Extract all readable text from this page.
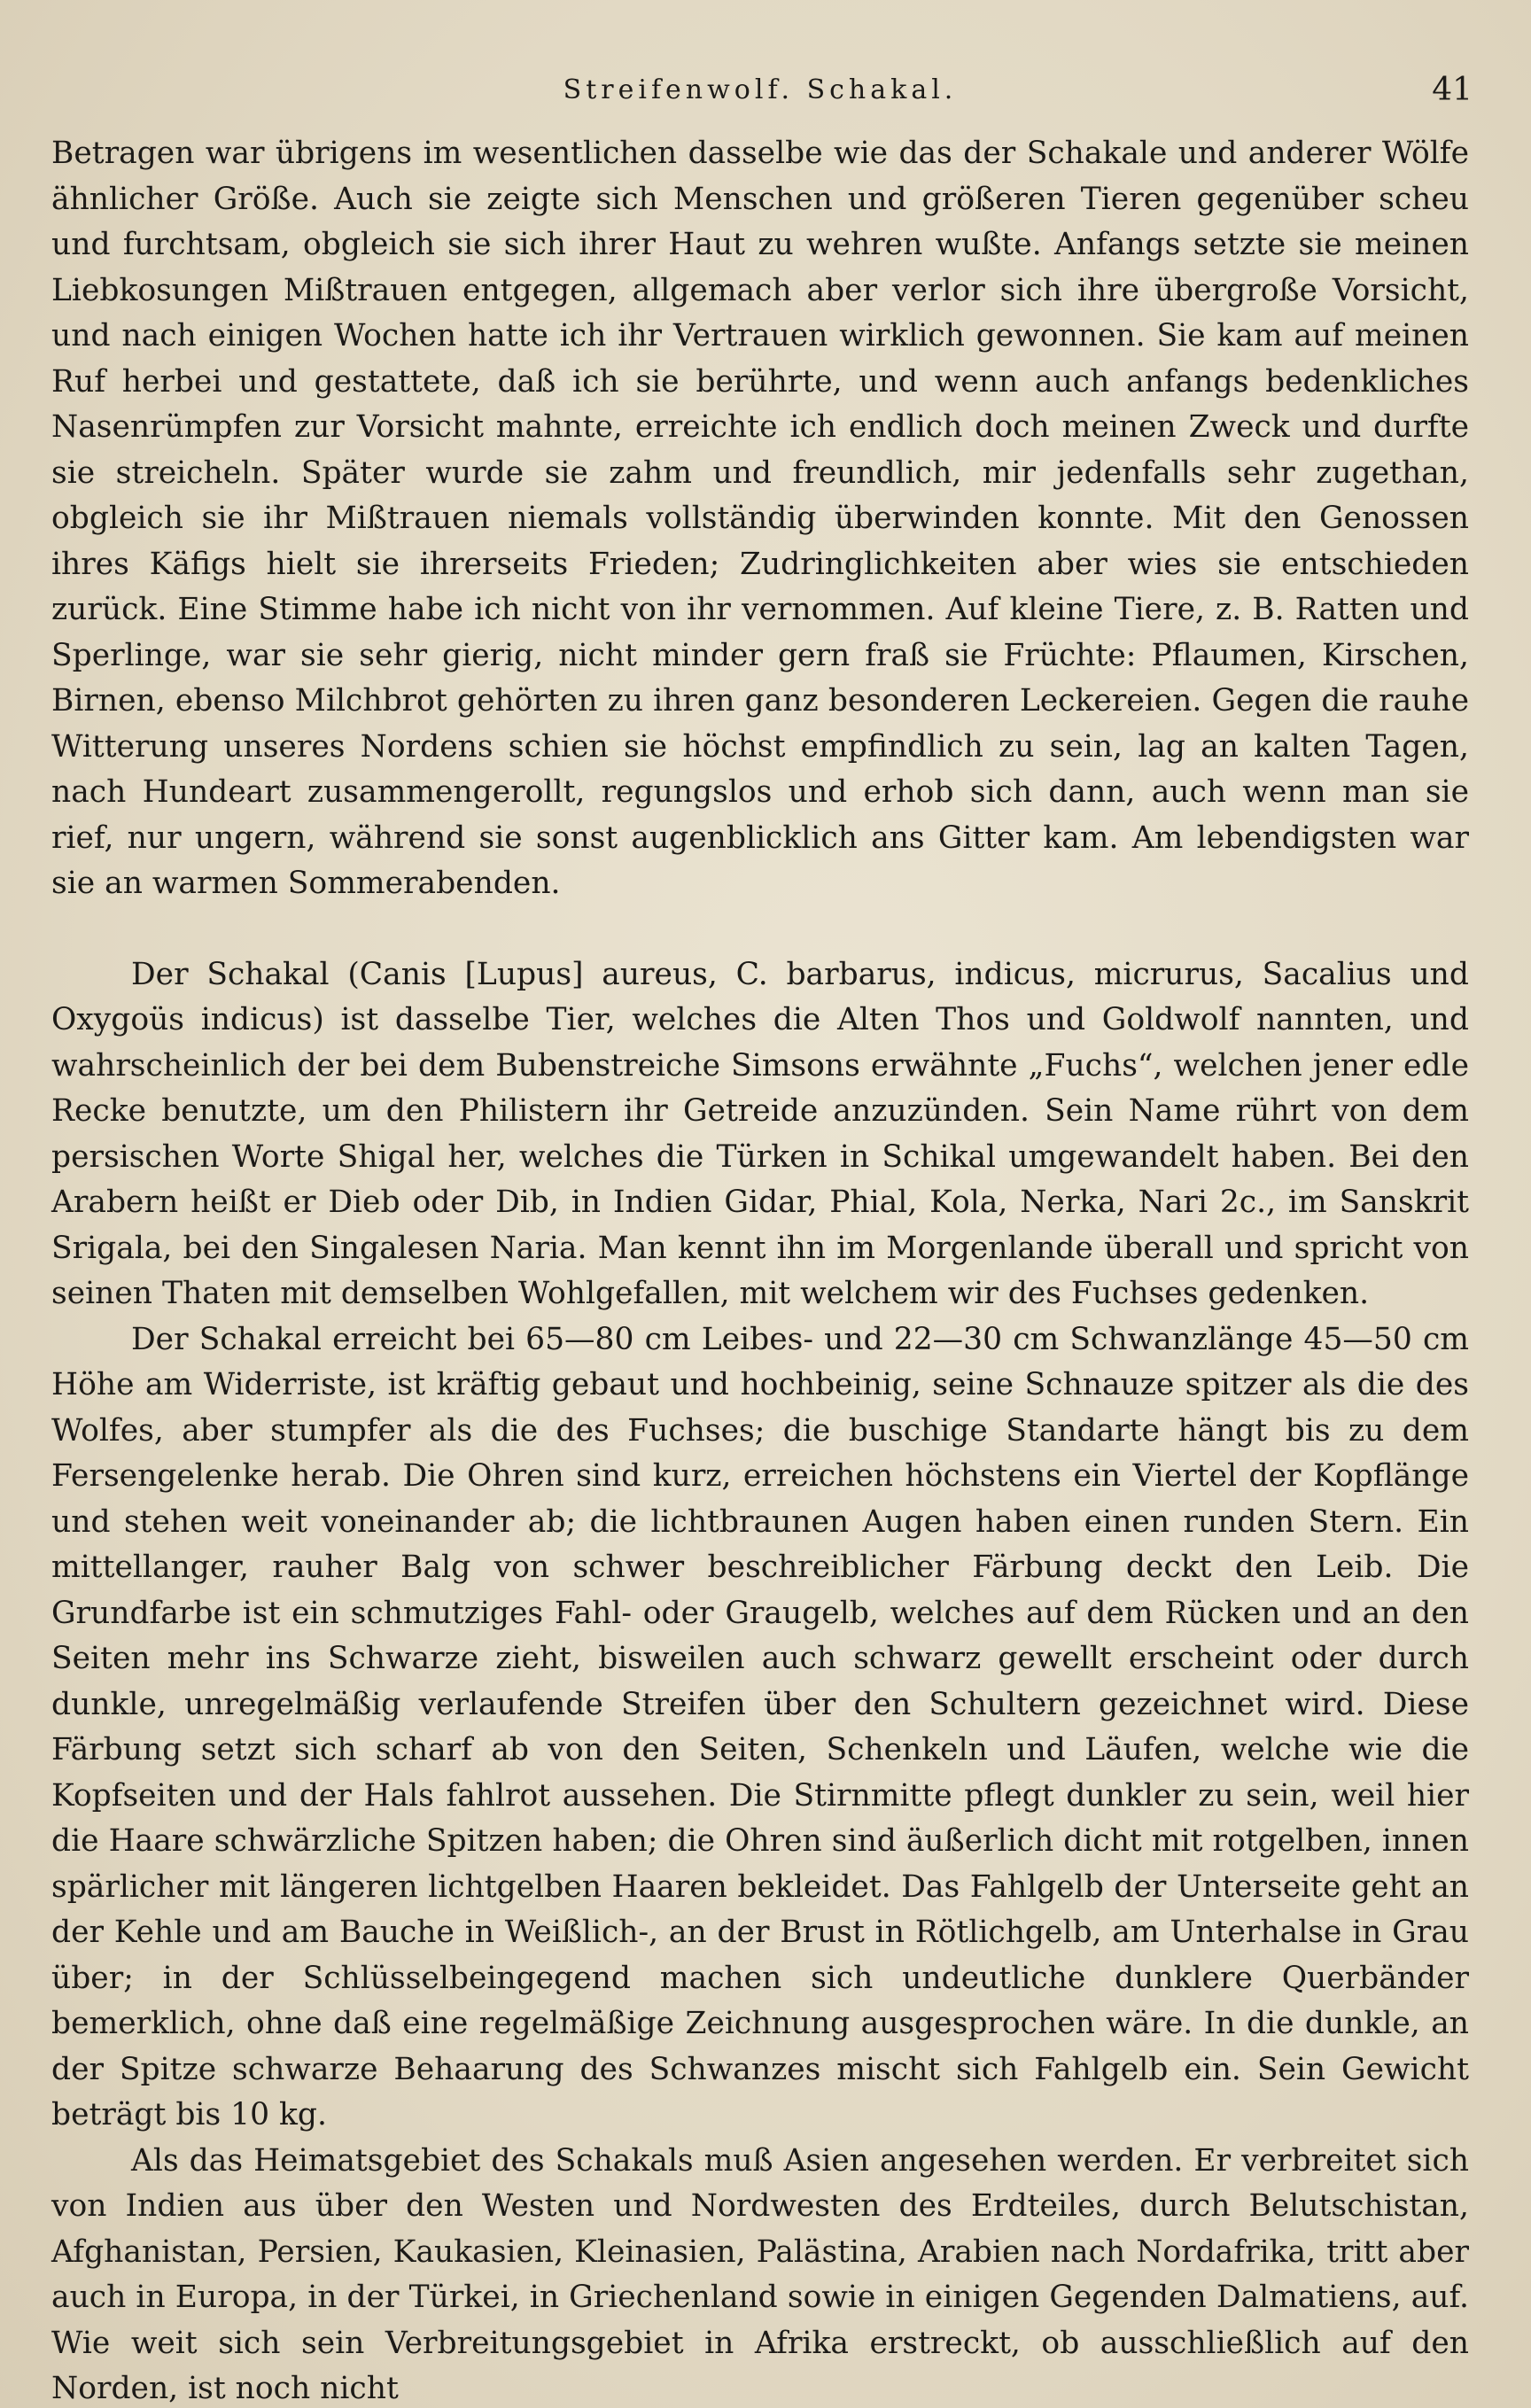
Streifenwolf. Schakal.	41

Betragen war übrigens im wesentlichen dasselbe wie das der Schakale und anderer Wölfe ähnlicher Größe. Auch sie zeigte sich Menschen und größeren Tieren gegenüber scheu und furchtsam, obgleich sie sich ihrer Haut zu wehren wußte. Anfangs setzte sie meinen Liebkosungen Mißtrauen entgegen, allgemach aber verlor sich ihre übergroße Vorsicht, und nach einigen Wochen hatte ich ihr Vertrauen wirklich gewonnen. Sie kam auf meinen Ruf herbei und gestattete, daß ich sie berührte, und wenn auch anfangs bedenkliches Nasenrümpfen zur Vorsicht mahnte, erreichte ich endlich doch meinen Zweck und durfte sie streicheln. Später wurde sie zahm und freundlich, mir jedenfalls sehr zugethan, obgleich sie ihr Mißtrauen niemals vollständig überwinden konnte. Mit den Genossen ihres Käfigs hielt sie ihrerseits Frieden; Zudringlichkeiten aber wies sie entschieden zurück. Eine Stimme habe ich nicht von ihr vernommen. Auf kleine Tiere, z. B. Ratten und Sperlinge, war sie sehr gierig, nicht minder gern fraß sie Früchte: Pflaumen, Kirschen, Birnen, ebenso Milchbrot gehörten zu ihren ganz besonderen Leckereien. Gegen die rauhe Witterung unseres Nordens schien sie höchst empfindlich zu sein, lag an kalten Tagen, nach Hundeart zusammengerollt, regungslos und erhob sich dann, auch wenn man sie rief, nur ungern, während sie sonst augenblicklich ans Gitter kam. Am lebendigsten war sie an warmen Sommerabenden.

Der Schakal (Canis [Lupus] aureus, C. barbarus, indicus, micrurus, Sacalius und Oxygoüs indicus) ist dasselbe Tier, welches die Alten Thos und Goldwolf nannten, und wahrscheinlich der bei dem Bubenstreiche Simsons erwähnte „Fuchs“, welchen jener edle Recke benutzte, um den Philistern ihr Getreide anzuzünden. Sein Name rührt von dem persischen Worte Shigal her, welches die Türken in Schikal umgewandelt haben. Bei den Arabern heißt er Dieb oder Dib, in Indien Gidar, Phial, Kola, Nerka, Nari 2c., im Sanskrit Srigala, bei den Singalesen Naria. Man kennt ihn im Morgenlande überall und spricht von seinen Thaten mit demselben Wohlgefallen, mit welchem wir des Fuchses gedenken.

Der Schakal erreicht bei 65—80 cm Leibes- und 22—30 cm Schwanzlänge 45—50 cm Höhe am Widerriste, ist kräftig gebaut und hochbeinig, seine Schnauze spitzer als die des Wolfes, aber stumpfer als die des Fuchses; die buschige Standarte hängt bis zu dem Fersengelenke herab. Die Ohren sind kurz, erreichen höchstens ein Viertel der Kopflänge und stehen weit voneinander ab; die lichtbraunen Augen haben einen runden Stern. Ein mittellanger, rauher Balg von schwer beschreiblicher Färbung deckt den Leib. Die Grundfarbe ist ein schmutziges Fahl- oder Graugelb, welches auf dem Rücken und an den Seiten mehr ins Schwarze zieht, bisweilen auch schwarz gewellt erscheint oder durch dunkle, unregelmäßig verlaufende Streifen über den Schultern gezeichnet wird. Diese Färbung setzt sich scharf ab von den Seiten, Schenkeln und Läufen, welche wie die Kopfseiten und der Hals fahlrot aussehen. Die Stirnmitte pflegt dunkler zu sein, weil hier die Haare schwärzliche Spitzen haben; die Ohren sind äußerlich dicht mit rotgelben, innen spärlicher mit längeren lichtgelben Haaren bekleidet. Das Fahlgelb der Unterseite geht an der Kehle und am Bauche in Weißlich-, an der Brust in Rötlichgelb, am Unterhalse in Grau über; in der Schlüsselbeingegend machen sich undeutliche dunklere Querbänder bemerklich, ohne daß eine regelmäßige Zeichnung ausgesprochen wäre. In die dunkle, an der Spitze schwarze Behaarung des Schwanzes mischt sich Fahlgelb ein. Sein Gewicht beträgt bis 10 kg.

Als das Heimatsgebiet des Schakals muß Asien angesehen werden. Er verbreitet sich von Indien aus über den Westen und Nordwesten des Erdteiles, durch Belutschistan, Afghanistan, Persien, Kaukasien, Kleinasien, Palästina, Arabien nach Nordafrika, tritt aber auch in Europa, in der Türkei, in Griechenland sowie in einigen Gegenden Dalmatiens, auf. Wie weit sich sein Verbreitungsgebiet in Afrika erstreckt, ob ausschließlich auf den Norden, ist noch nicht
